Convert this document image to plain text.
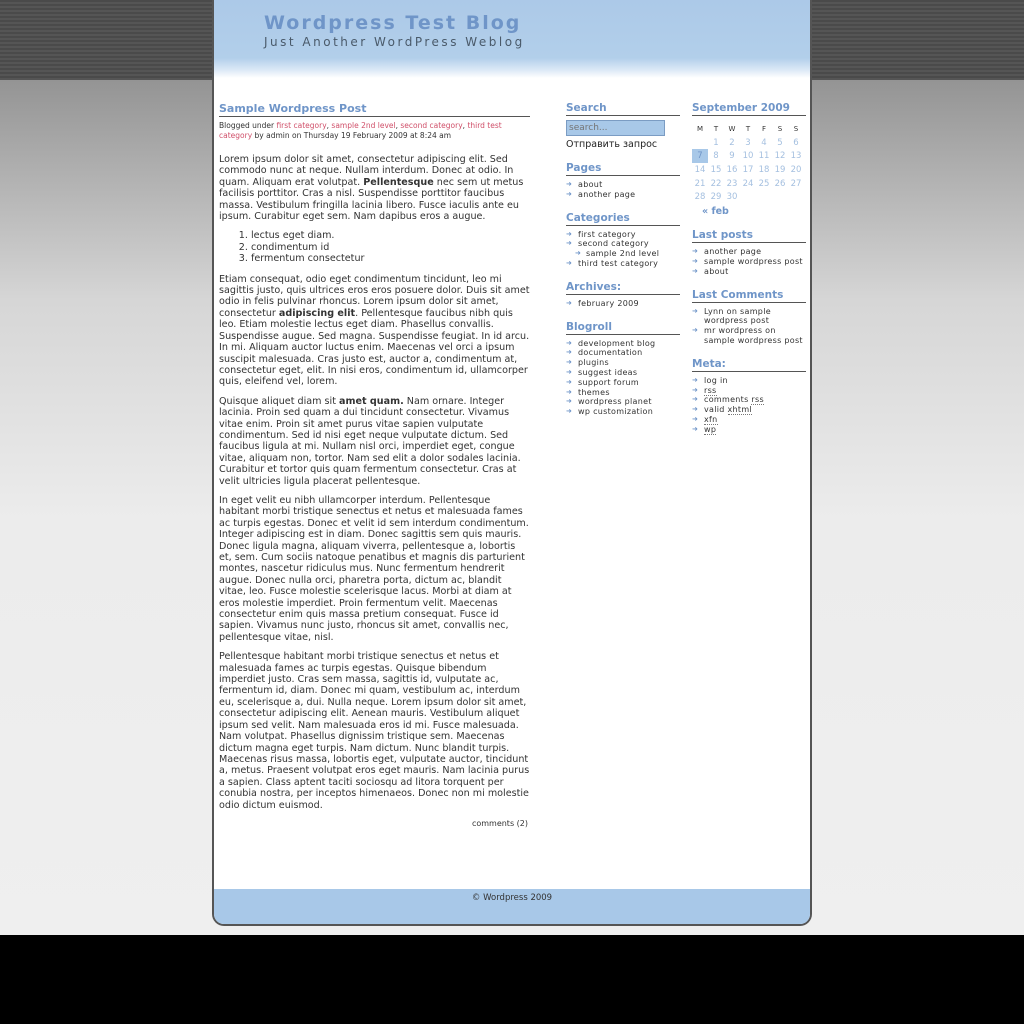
Wordpress Test Blog
Just Another WordPress Weblog
Sample Wordpress Post
Blogged under first category, sample 2nd level, second category, third test category by admin on Thursday 19 February 2009 at 8:24 am

Lorem ipsum dolor sit amet, consectetur adipiscing elit. Sed commodo nunc at neque. Nullam interdum. Donec at odio. In quam. Aliquam erat volutpat. Pellentesque nec sem ut metus facilisis porttitor. Cras a nisl. Suspendisse porttitor faucibus massa. Vestibulum fringilla lacinia libero. Fusce iaculis ante eu ipsum. Curabitur eget sem. Nam dapibus eros a augue.

1. lectus eget diam.
2. condimentum id
3. fermentum consectetur

Etiam consequat, odio eget condimentum tincidunt, leo mi sagittis justo, quis ultrices eros eros posuere dolor. Duis sit amet odio in felis pulvinar rhoncus. Lorem ipsum dolor sit amet, consectetur adipiscing elit. Pellentesque faucibus nibh quis leo. Etiam molestie lectus eget diam. Phasellus convallis. Suspendisse augue. Sed magna. Suspendisse feugiat. In id arcu. In mi. Aliquam auctor luctus enim. Maecenas vel orci a ipsum suscipit malesuada. Cras justo est, auctor a, condimentum at, consectetur eget, elit. In nisi eros, condimentum id, ullamcorper quis, eleifend vel, lorem.

Quisque aliquet diam sit amet quam. Nam ornare. Integer lacinia. Proin sed quam a dui tincidunt consectetur. Vivamus vitae enim. Proin sit amet purus vitae sapien vulputate condimentum. Sed id nisi eget neque vulputate dictum. Sed faucibus ligula at mi. Nullam nisl orci, imperdiet eget, congue vitae, aliquam non, tortor. Nam sed elit a dolor sodales lacinia. Curabitur et tortor quis quam fermentum consectetur. Cras at velit ultricies ligula placerat pellentesque.

In eget velit eu nibh ullamcorper interdum. Pellentesque habitant morbi tristique senectus et netus et malesuada fames ac turpis egestas. Donec et velit id sem interdum condimentum. Integer adipiscing est in diam. Donec sagittis sem quis mauris. Donec ligula magna, aliquam viverra, pellentesque a, lobortis et, sem. Cum sociis natoque penatibus et magnis dis parturient montes, nascetur ridiculus mus. Nunc fermentum hendrerit augue. Donec nulla orci, pharetra porta, dictum ac, blandit vitae, leo. Fusce molestie scelerisque lacus. Morbi at diam at eros molestie imperdiet. Proin fermentum velit. Maecenas consectetur enim quis massa pretium consequat. Fusce id sapien. Vivamus nunc justo, rhoncus sit amet, convallis nec, pellentesque vitae, nisl.

Pellentesque habitant morbi tristique senectus et netus et malesuada fames ac turpis egestas. Quisque bibendum imperdiet justo. Cras sem massa, sagittis id, vulputate ac, fermentum id, diam. Donec mi quam, vestibulum ac, interdum eu, scelerisque a, dui. Nulla neque. Lorem ipsum dolor sit amet, consectetur adipiscing elit. Aenean mauris. Vestibulum aliquet ipsum sed velit. Nam malesuada eros id mi. Fusce malesuada. Nam volutpat. Phasellus dignissim tristique sem. Maecenas dictum magna eget turpis. Nam dictum. Nunc blandit turpis. Maecenas risus massa, lobortis eget, vulputate auctor, tincidunt a, metus. Praesent volutpat eros eget mauris. Nam lacinia purus a sapien. Class aptent taciti sociosqu ad litora torquent per conubia nostra, per inceptos himenaeos. Donec non mi molestie odio dictum euismod.

comments (2)
Search
search...
Отправить запрос
Pages
➜ about
➜ another page
Categories
➜ first category
➜ second category
➜ sample 2nd level
➜ third test category
Archives:
➜ february 2009
Blogroll
➜ development blog
➜ documentation
➜ plugins
➜ suggest ideas
➜ support forum
➜ themes
➜ wordpress planet
➜ wp customization
September 2009
M	T	W	T	F	S	S
	1	2	3	4	5	6
7	8	9	10	11	12	13
14	15	16	17	18	19	20
21	22	23	24	25	26	27
28	29	30				
« feb
Last posts
➜ another page
➜ sample wordpress post
➜ about
Last Comments
➜ Lynn on sample wordpress post
➜ mr wordpress on sample wordpress post
Meta:
➜ log in
➜ rss
➜ comments rss
➜ valid xhtml
➜ xfn
➜ wp
© Wordpress 2009
